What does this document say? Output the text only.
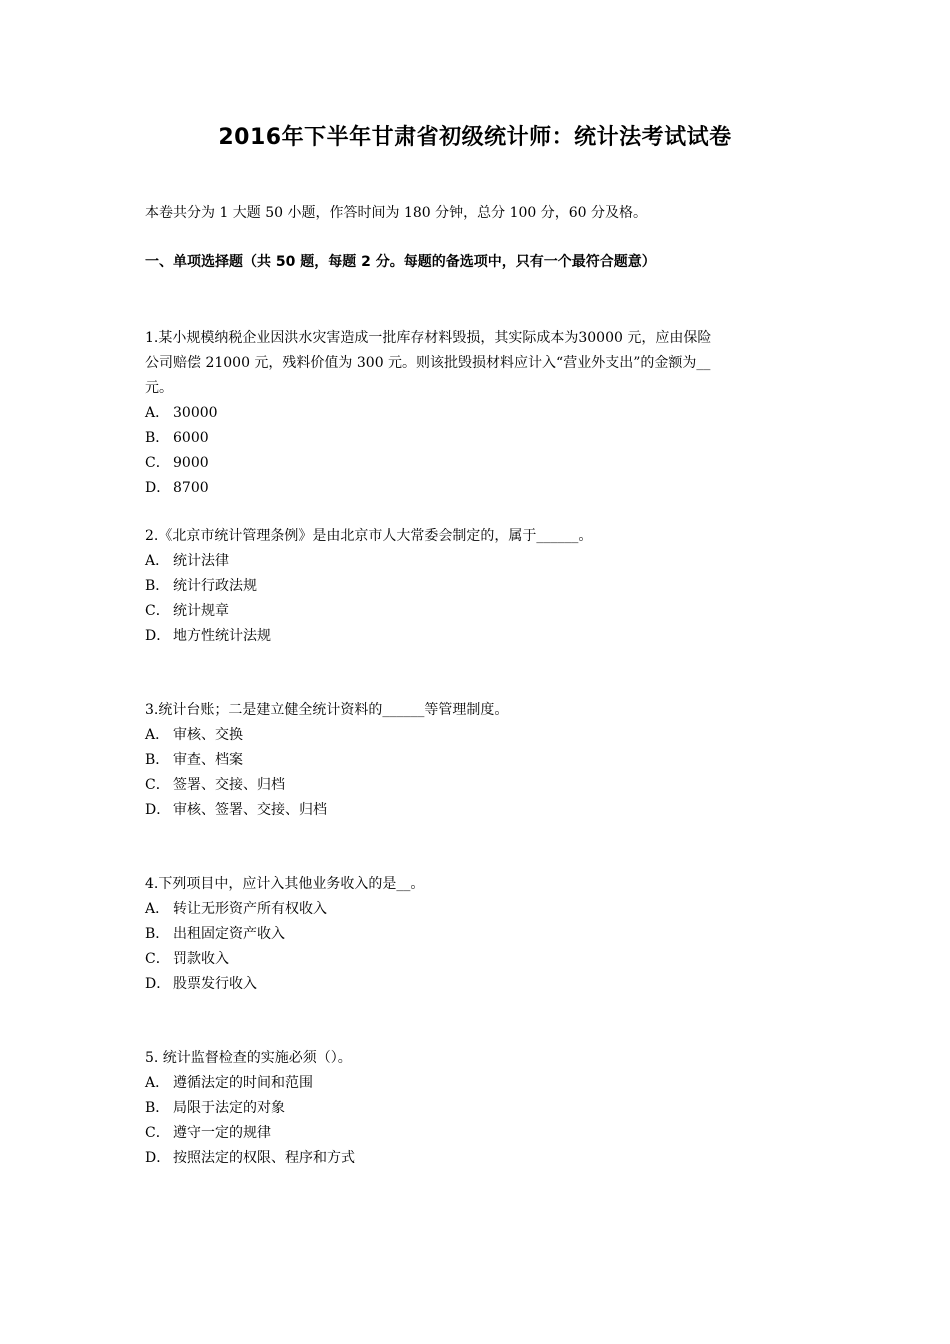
2016年下半年甘肃省初级统计师：统计法考试试卷
本卷共分为 1 大题 50 小题，作答时间为 180 分钟，总分 100 分，60 分及格。
一、单项选择题（共 50 题，每题 2 分。每题的备选项中，只有一个最符合题意）

1.某小规模纳税企业因洪水灾害造成一批库存材料毁损，其实际成本为30000 元，应由保险

公司赔偿 21000 元，残料价值为 300 元。则该批毁损材料应计入“营业外支出”的金额为__

元。

A． 30000

B． 6000

C． 9000

D． 8700

2.《北京市统计管理条例》是由北京市人大常委会制定的，属于______。

A． 统计法律

B． 统计行政法规

C． 统计规章

D． 地方性统计法规

3.统计台账；二是建立健全统计资料的______等管理制度。

A． 审核、交换

B． 审查、档案

C． 签署、交接、归档

D． 审核、签署、交接、归档

4.下列项目中，应计入其他业务收入的是__。

A． 转让无形资产所有权收入

B． 出租固定资产收入

C． 罚款收入

D． 股票发行收入

5. 统计监督检查的实施必须（）。

A． 遵循法定的时间和范围

B． 局限于法定的对象

C． 遵守一定的规律

D． 按照法定的权限、程序和方式
